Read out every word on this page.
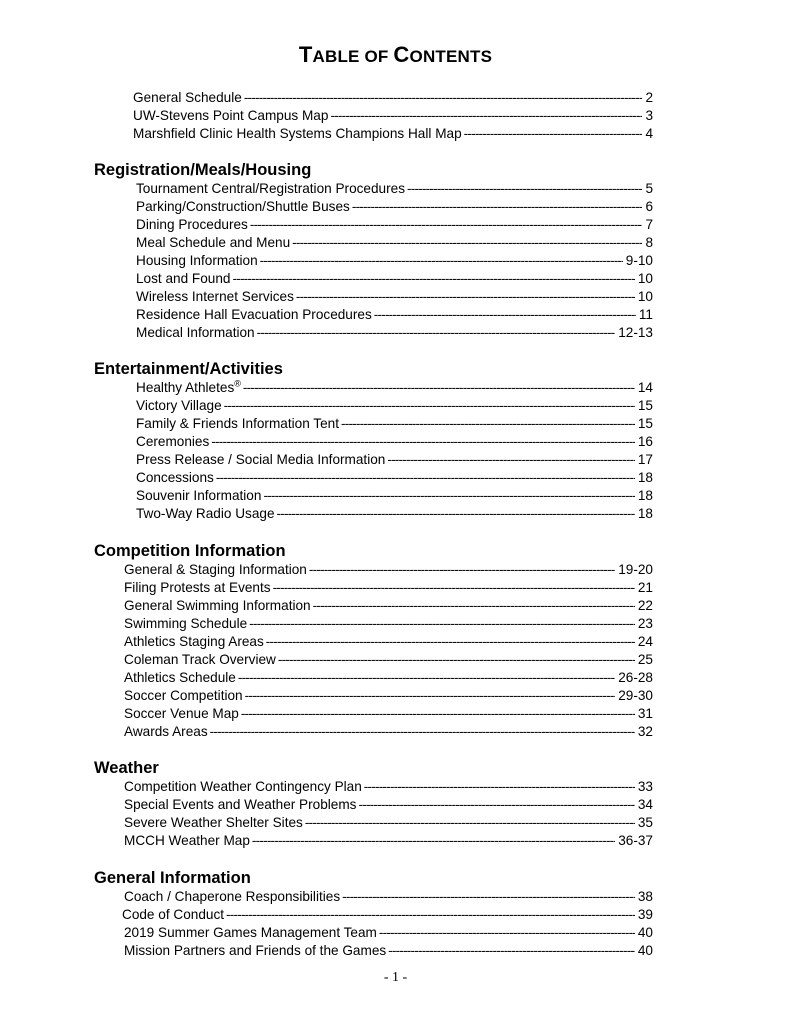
TABLE OF CONTENTS
General Schedule -----	2
UW-Stevens Point Campus Map -----	3
Marshfield Clinic Health Systems Champions Hall Map -----	4
Registration/Meals/Housing
Tournament Central/Registration Procedures -----	5
Parking/Construction/Shuttle Buses -----	6
Dining Procedures -----	7
Meal Schedule and Menu -----	8
Housing Information -----	9-10
Lost and Found -----	10
Wireless Internet Services -----	10
Residence Hall Evacuation Procedures -----	11
Medical Information -----	12-13
Entertainment/Activities
Healthy Athletes® -----	14
Victory Village -----	15
Family & Friends Information Tent -----	15
Ceremonies -----	16
Press Release / Social Media Information -----	17
Concessions -----	18
Souvenir Information -----	18
Two-Way Radio Usage -----	18
Competition Information
General & Staging Information -----	19-20
Filing Protests at Events -----	21
General Swimming Information -----	22
Swimming Schedule -----	23
Athletics Staging Areas -----	24
Coleman Track Overview -----	25
Athletics Schedule -----	26-28
Soccer Competition -----	29-30
Soccer Venue Map -----	31
Awards Areas -----	32
Weather
Competition Weather Contingency Plan -----	33
Special Events and Weather Problems -----	34
Severe Weather Shelter Sites -----	35
MCCH Weather Map -----	36-37
General Information
Coach / Chaperone Responsibilities -----	38
Code of Conduct -----	39
2019 Summer Games Management Team -----	40
Mission Partners and Friends of the Games -----	40
- 1 -
